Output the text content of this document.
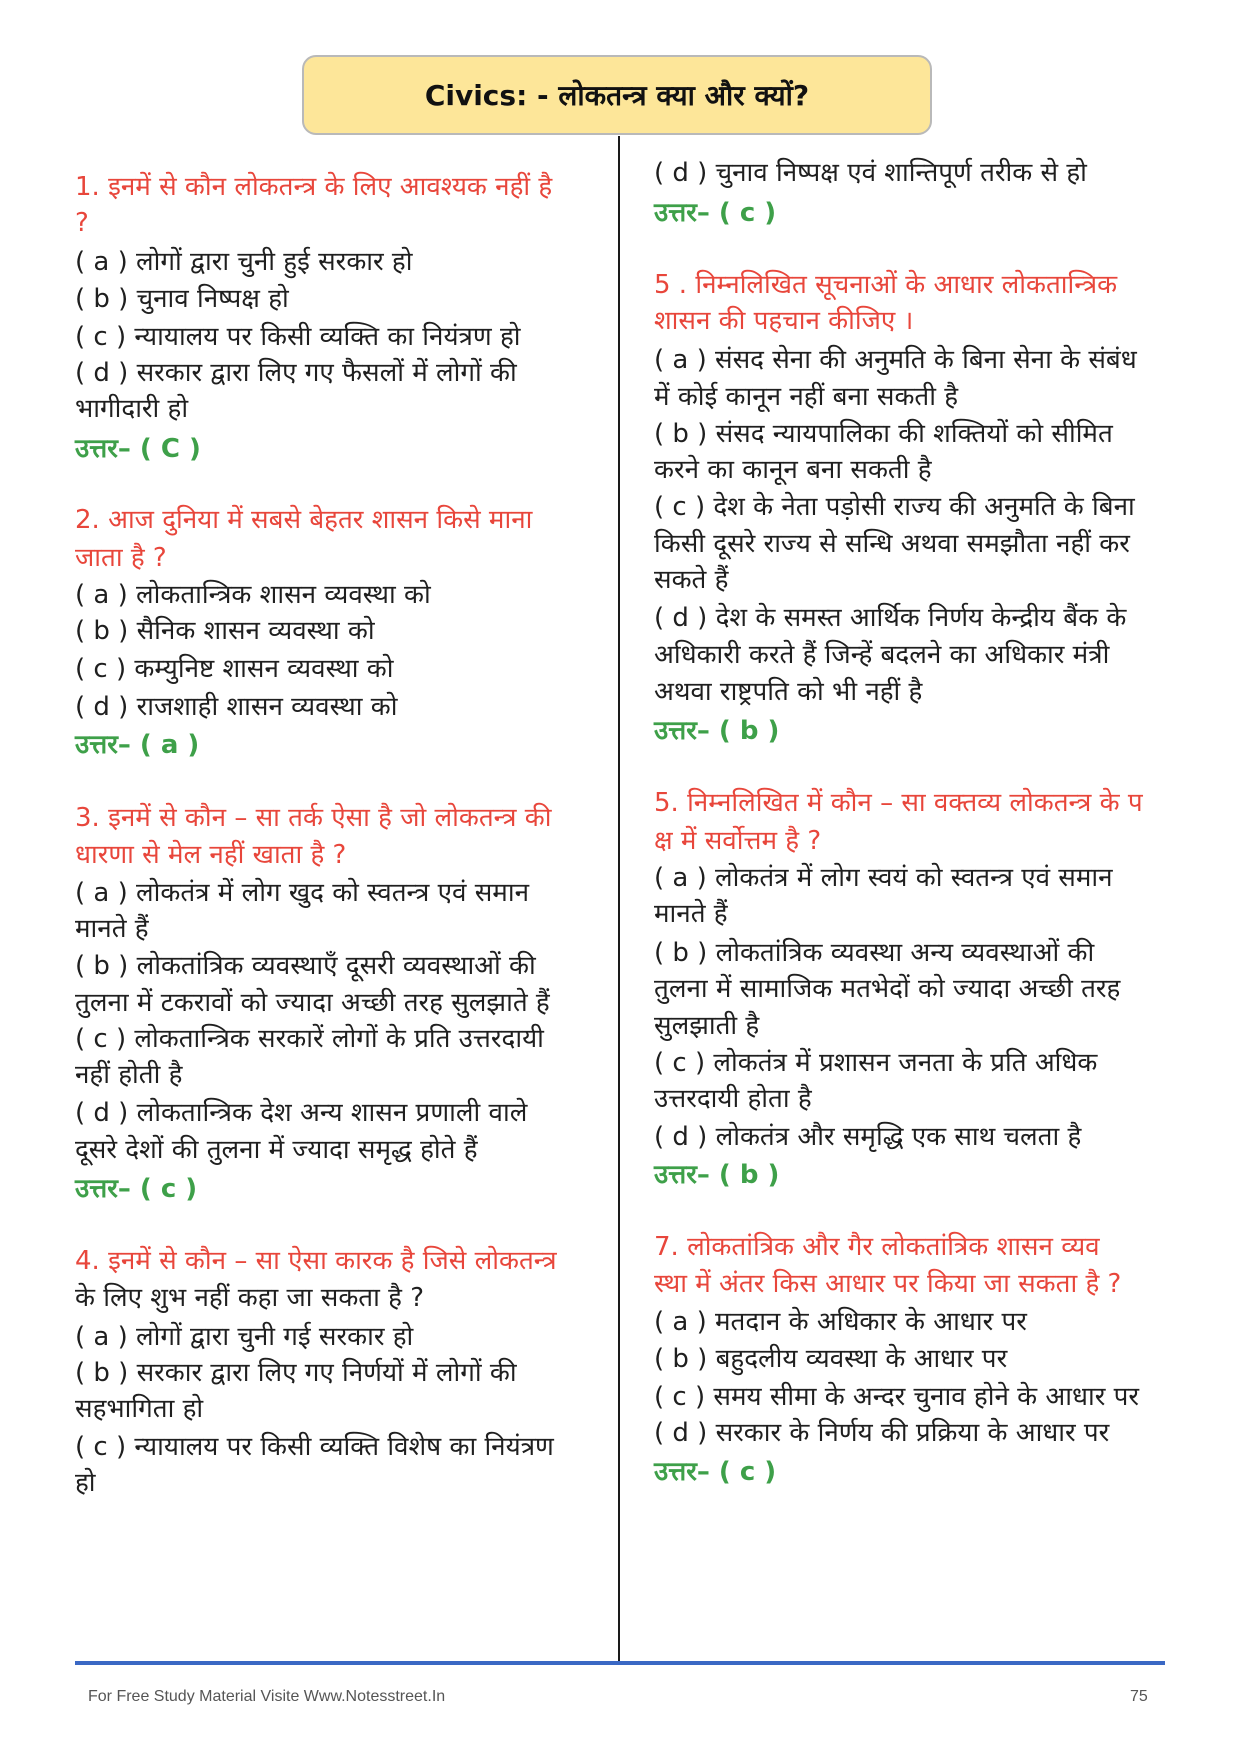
Civics: - लोकतन्त्र क्या और क्यों?
1. इनमें से कौन लोकतन्त्र के लिए आवश्यक नहीं है
?
( a ) लोगों द्वारा चुनी हुई सरकार हो
( b ) चुनाव निष्पक्ष हो
( c ) न्यायालय पर किसी व्यक्ति का नियंत्रण हो
( d ) सरकार द्वारा लिए गए फैसलों में लोगों की
भागीदारी हो
उत्तर– ( C )
2. आज दुनिया में सबसे बेहतर शासन किसे माना
जाता है ?
( a ) लोकतान्त्रिक शासन व्यवस्था को
( b ) सैनिक शासन व्यवस्था को
( c ) कम्युनिष्ट शासन व्यवस्था को
( d ) राजशाही शासन व्यवस्था को
उत्तर– ( a )
3. इनमें से कौन – सा तर्क ऐसा है जो लोकतन्त्र की
धारणा से मेल नहीं खाता है ?
( a ) लोकतंत्र में लोग खुद को स्वतन्त्र एवं समान
मानते हैं
( b ) लोकतांत्रिक व्यवस्थाएँ दूसरी व्यवस्थाओं की
तुलना में टकरावों को ज्यादा अच्छी तरह सुलझाते हैं
( c ) लोकतान्त्रिक सरकारें लोगों के प्रति उत्तरदायी
नहीं होती है
( d ) लोकतान्त्रिक देश अन्य शासन प्रणाली वाले
दूसरे देशों की तुलना में ज्यादा समृद्ध होते हैं
उत्तर– ( c )
4. इनमें से कौन – सा ऐसा कारक है जिसे लोकतन्त्र
के लिए शुभ नहीं कहा जा सकता है ?
( a ) लोगों द्वारा चुनी गई सरकार हो
( b ) सरकार द्वारा लिए गए निर्णयों में लोगों की
सहभागिता हो
( c ) न्यायालय पर किसी व्यक्ति विशेष का नियंत्रण
हो
( d ) चुनाव निष्पक्ष एवं शान्तिपूर्ण तरीक से हो
उत्तर– ( c )
5 . निम्नलिखित सूचनाओं के आधार लोकतान्त्रिक
शासन की पहचान कीजिए ।
( a ) संसद सेना की अनुमति के बिना सेना के संबंध
में कोई कानून नहीं बना सकती है
( b ) संसद न्यायपालिका की शक्तियों को सीमित
करने का कानून बना सकती है
( c ) देश के नेता पड़ोसी राज्य की अनुमति के बिना
किसी दूसरे राज्य से सन्धि अथवा समझौता नहीं कर
सकते हैं
( d ) देश के समस्त आर्थिक निर्णय केन्द्रीय बैंक के
अधिकारी करते हैं जिन्हें बदलने का अधिकार मंत्री
अथवा राष्ट्रपति को भी नहीं है
उत्तर– ( b )
5. निम्नलिखित में कौन – सा वक्तव्य लोकतन्त्र के प
क्ष में सर्वोत्तम है ?
( a ) लोकतंत्र में लोग स्वयं को स्वतन्त्र एवं समान
मानते हैं
( b ) लोकतांत्रिक व्यवस्था अन्य व्यवस्थाओं की
तुलना में सामाजिक मतभेदों को ज्यादा अच्छी तरह
सुलझाती है
( c ) लोकतंत्र में प्रशासन जनता के प्रति अधिक
उत्तरदायी होता है
( d ) लोकतंत्र और समृद्धि एक साथ चलता है
उत्तर– ( b )
7. लोकतांत्रिक और गैर लोकतांत्रिक शासन व्यव
स्था में अंतर किस आधार पर किया जा सकता है ?
( a ) मतदान के अधिकार के आधार पर
( b ) बहुदलीय व्यवस्था के आधार पर
( c ) समय सीमा के अन्दर चुनाव होने के आधार पर
( d ) सरकार के निर्णय की प्रक्रिया के आधार पर
उत्तर– ( c )
For Free Study Material Visite Www.Notesstreet.In	75
